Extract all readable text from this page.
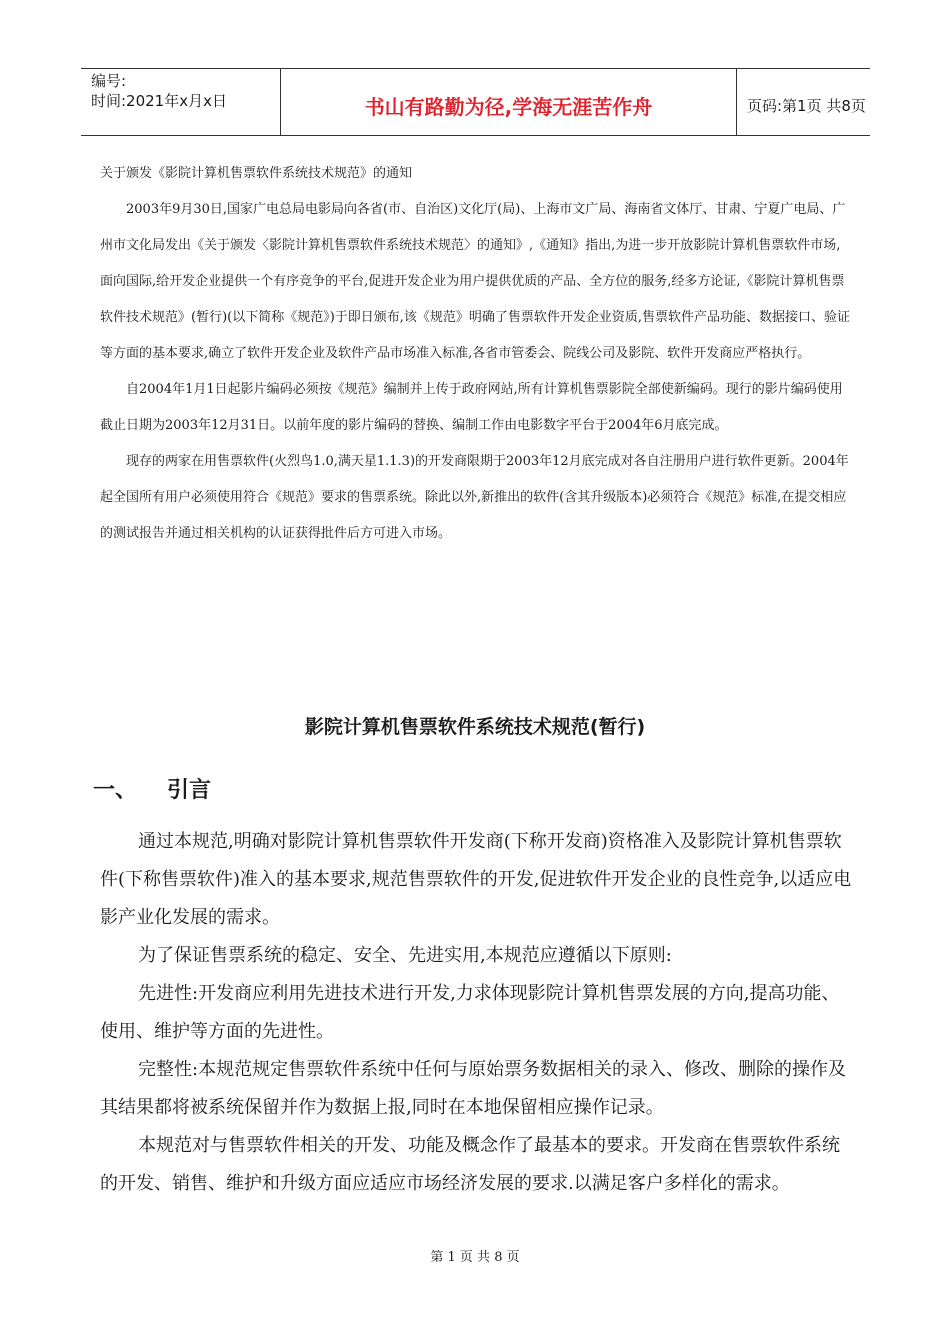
编号:
时间:2021年x月x日	书山有路勤为径,学海无涯苦作舟	页码:第1页 共8页

关于颁发《影院计算机售票软件系统技术规范》的通知

2003年9月30日,国家广电总局电影局向各省(市、自治区)文化厅(局)、上海市文广局、海南省文体厅、甘肃、宁夏广电局、广州市文化局发出《关于颁发〈影院计算机售票软件系统技术规范〉的通知》,《通知》指出,为进一步开放影院计算机售票软件市场,面向国际,给开发企业提供一个有序竞争的平台,促进开发企业为用户提供优质的产品、全方位的服务,经多方论证,《影院计算机售票软件技术规范》(暂行)(以下简称《规范》)于即日颁布,该《规范》明确了售票软件开发企业资质,售票软件产品功能、数据接口、验证等方面的基本要求,确立了软件开发企业及软件产品市场准入标准,各省市管委会、院线公司及影院、软件开发商应严格执行。

自2004年1月1日起影片编码必须按《规范》编制并上传于政府网站,所有计算机售票影院全部使新编码。现行的影片编码使用截止日期为2003年12月31日。以前年度的影片编码的替换、编制工作由电影数字平台于2004年6月底完成。

现存的两家在用售票软件(火烈鸟1.0,满天星1.1.3)的开发商限期于2003年12月底完成对各自注册用户进行软件更新。2004年起全国所有用户必须使用符合《规范》要求的售票系统。除此以外,新推出的软件(含其升级版本)必须符合《规范》标准,在提交相应的测试报告并通过相关机构的认证获得批件后方可进入市场。

影院计算机售票软件系统技术规范(暂行)
一、 引言

通过本规范,明确对影院计算机售票软件开发商(下称开发商)资格准入及影院计算机售票软件(下称售票软件)准入的基本要求,规范售票软件的开发,促进软件开发企业的良性竞争,以适应电影产业化发展的需求。

为了保证售票系统的稳定、安全、先进实用,本规范应遵循以下原则:

先进性:开发商应利用先进技术进行开发,力求体现影院计算机售票发展的方向,提高功能、使用、维护等方面的先进性。

完整性:本规范规定售票软件系统中任何与原始票务数据相关的录入、修改、删除的操作及其结果都将被系统保留并作为数据上报,同时在本地保留相应操作记录。

本规范对与售票软件相关的开发、功能及概念作了最基本的要求。开发商在售票软件系统的开发、销售、维护和升级方面应适应市场经济发展的要求.以满足客户多样化的需求。

第 1 页 共 8 页
